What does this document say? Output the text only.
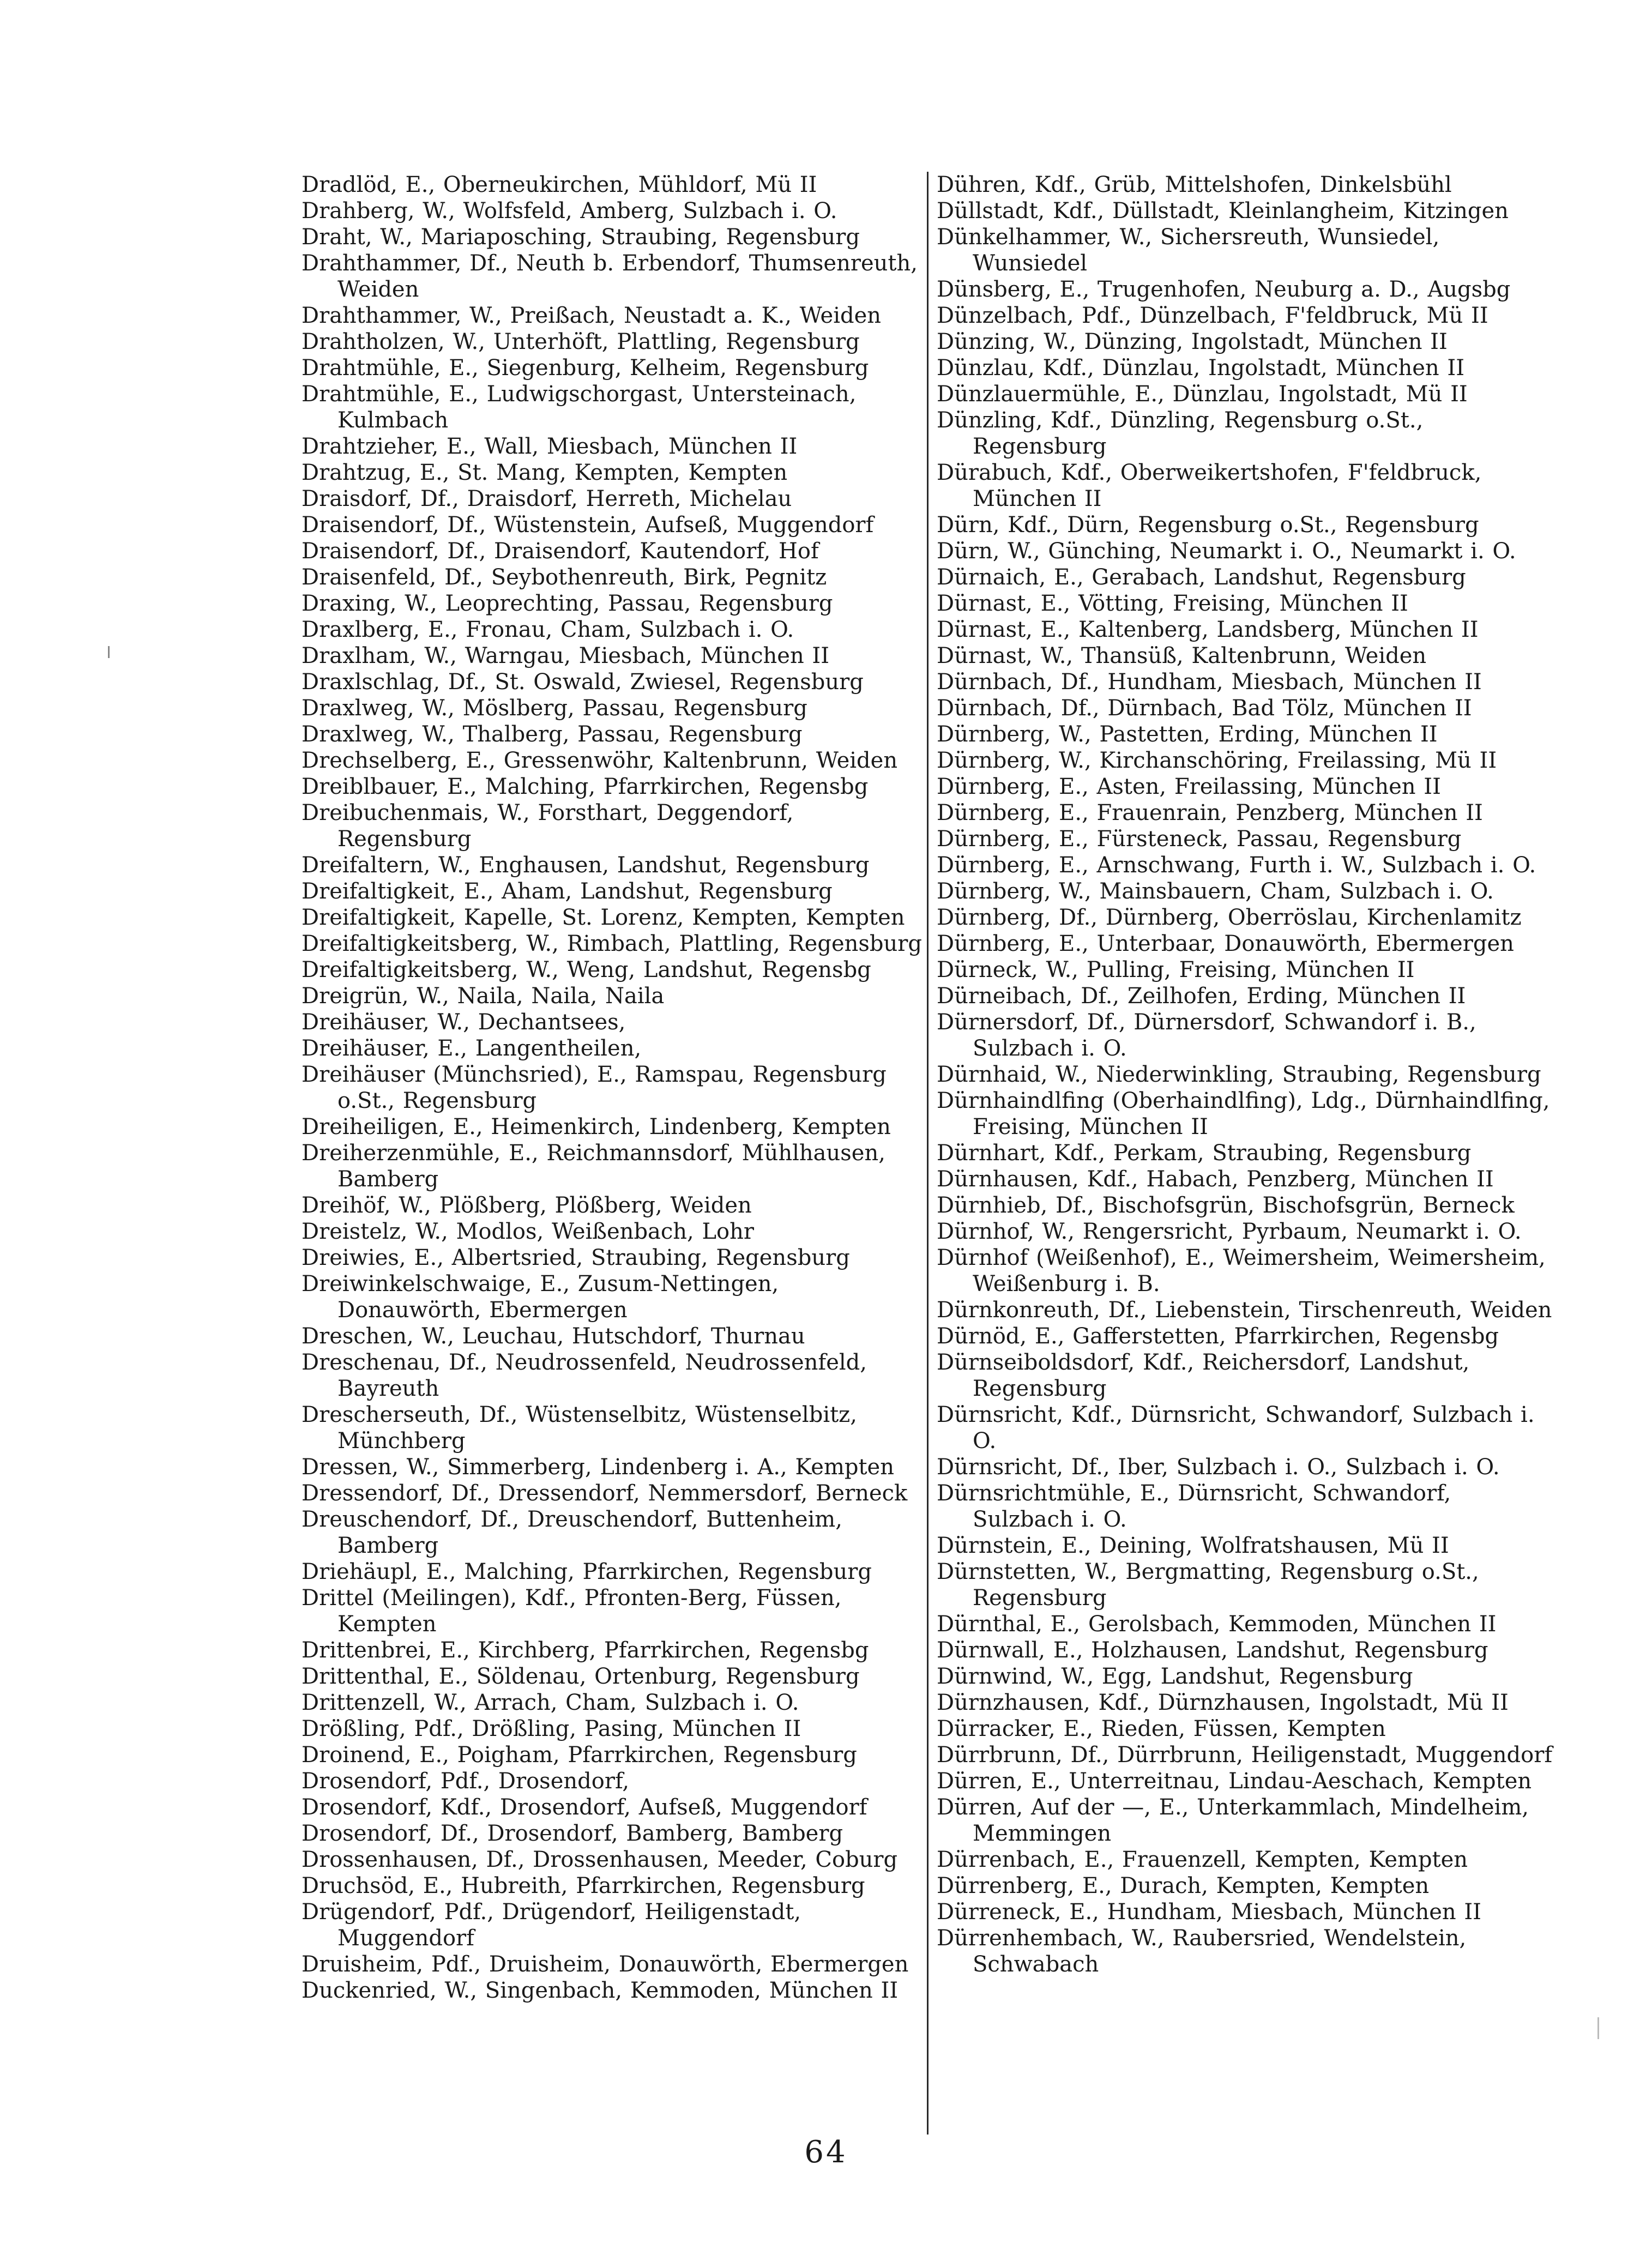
Dradlöd, E., Oberneukirchen, Mühldorf, Mü II
Drahberg, W., Wolfsfeld, Amberg, Sulzbach i. O.
Draht, W., Mariaposching, Straubing, Regensburg
Drahthammer, Df., Neuth b. Erbendorf, Thumsenreuth, Weiden
Drahthammer, W., Preißach, Neustadt a. K., Weiden
Drahtholzen, W., Unterhöft, Plattling, Regensburg
Drahtmühle, E., Siegenburg, Kelheim, Regensburg
Drahtmühle, E., Ludwigschorgast, Untersteinach, Kulmbach
Drahtzieher, E., Wall, Miesbach, München II
Drahtzug, E., St. Mang, Kempten, Kempten
Draisdorf, Df., Draisdorf, Herreth, Michelau
Draisendorf, Df., Wüstenstein, Aufseß, Muggendorf
Draisendorf, Df., Draisendorf, Kautendorf, Hof
Draisenfeld, Df., Seybothenreuth, Birk, Pegnitz
Draxing, W., Leoprechting, Passau, Regensburg
Draxlberg, E., Fronau, Cham, Sulzbach i. O.
Draxlham, W., Warngau, Miesbach, München II
Draxlschlag, Df., St. Oswald, Zwiesel, Regensburg
Draxlweg, W., Möslberg, Passau, Regensburg
Draxlweg, W., Thalberg, Passau, Regensburg
Drechselberg, E., Gressenwöhr, Kaltenbrunn, Weiden
Dreiblbauer, E., Malching, Pfarrkirchen, Regensbg
Dreibuchenmais, W., Forsthart, Deggendorf, Regensburg
Dreifaltern, W., Enghausen, Landshut, Regensburg
Dreifaltigkeit, E., Aham, Landshut, Regensburg
Dreifaltigkeit, Kapelle, St. Lorenz, Kempten, Kempten
Dreifaltigkeitsberg, W., Rimbach, Plattling, Regensburg
Dreifaltigkeitsberg, W., Weng, Landshut, Regensbg
Dreigrün, W., Naila, Naila, Naila
Dreihäuser, W., Dechantsees,
Dreihäuser, E., Langentheilen,
Dreihäuser (Münchsried), E., Ramspau, Regensburg o.St., Regensburg
Dreiheiligen, E., Heimenkirch, Lindenberg, Kempten
Dreiherzenmühle, E., Reichmannsdorf, Mühlhausen, Bamberg
Dreihöf, W., Plößberg, Plößberg, Weiden
Dreistelz, W., Modlos, Weißenbach, Lohr
Dreiwies, E., Albertsried, Straubing, Regensburg
Dreiwinkelschwaige, E., Zusum-Nettingen, Donauwörth, Ebermergen
Dreschen, W., Leuchau, Hutschdorf, Thurnau
Dreschenau, Df., Neudrossenfeld, Neudrossenfeld, Bayreuth
Drescherseuth, Df., Wüstenselbitz, Wüstenselbitz, Münchberg
Dressen, W., Simmerberg, Lindenberg i. A., Kempten
Dressendorf, Df., Dressendorf, Nemmersdorf, Berneck
Dreuschendorf, Df., Dreuschendorf, Buttenheim, Bamberg
Driehäupl, E., Malching, Pfarrkirchen, Regensburg
Drittel (Meilingen), Kdf., Pfronten-Berg, Füssen, Kempten
Drittenbrei, E., Kirchberg, Pfarrkirchen, Regensbg
Drittenthal, E., Söldenau, Ortenburg, Regensburg
Drittenzell, W., Arrach, Cham, Sulzbach i. O.
Drößling, Pdf., Drößling, Pasing, München II
Droinend, E., Poigham, Pfarrkirchen, Regensburg
Drosendorf, Pdf., Drosendorf,
Drosendorf, Kdf., Drosendorf, Aufseß, Muggendorf
Drosendorf, Df., Drosendorf, Bamberg, Bamberg
Drossenhausen, Df., Drossenhausen, Meeder, Coburg
Druchsöd, E., Hubreith, Pfarrkirchen, Regensburg
Drügendorf, Pdf., Drügendorf, Heiligenstadt, Muggendorf
Druisheim, Pdf., Druisheim, Donauwörth, Ebermergen
Duckenried, W., Singenbach, Kemmoden, München II
Dühren, Kdf., Grüb, Mittelshofen, Dinkelsbühl
Düllstadt, Kdf., Düllstadt, Kleinlangheim, Kitzingen
Dünkelhammer, W., Sichersreuth, Wunsiedel, Wunsiedel
Dünsberg, E., Trugenhofen, Neuburg a. D., Augsbg
Dünzelbach, Pdf., Dünzelbach, F'feldbruck, Mü II
Dünzing, W., Dünzing, Ingolstadt, München II
Dünzlau, Kdf., Dünzlau, Ingolstadt, München II
Dünzlauermühle, E., Dünzlau, Ingolstadt, Mü II
Dünzling, Kdf., Dünzling, Regensburg o.St., Regensburg
Dürabuch, Kdf., Oberweikertshofen, F'feldbruck, München II
Dürn, Kdf., Dürn, Regensburg o.St., Regensburg
Dürn, W., Günching, Neumarkt i. O., Neumarkt i. O.
Dürnaich, E., Gerabach, Landshut, Regensburg
Dürnast, E., Vötting, Freising, München II
Dürnast, E., Kaltenberg, Landsberg, München II
Dürnast, W., Thansüß, Kaltenbrunn, Weiden
Dürnbach, Df., Hundham, Miesbach, München II
Dürnbach, Df., Dürnbach, Bad Tölz, München II
Dürnberg, W., Pastetten, Erding, München II
Dürnberg, W., Kirchanschöring, Freilassing, Mü II
Dürnberg, E., Asten, Freilassing, München II
Dürnberg, E., Frauenrain, Penzberg, München II
Dürnberg, E., Fürsteneck, Passau, Regensburg
Dürnberg, E., Arnschwang, Furth i. W., Sulzbach i. O.
Dürnberg, W., Mainsbauern, Cham, Sulzbach i. O.
Dürnberg, Df., Dürnberg, Oberröslau, Kirchenlamitz
Dürnberg, E., Unterbaar, Donauwörth, Ebermergen
Dürneck, W., Pulling, Freising, München II
Dürneibach, Df., Zeilhofen, Erding, München II
Dürnersdorf, Df., Dürnersdorf, Schwandorf i. B., Sulzbach i. O.
Dürnhaid, W., Niederwinkling, Straubing, Regensburg
Dürnhaindlfing (Oberhaindlfing), Ldg., Dürnhaindlfing, Freising, München II
Dürnhart, Kdf., Perkam, Straubing, Regensburg
Dürnhausen, Kdf., Habach, Penzberg, München II
Dürnhieb, Df., Bischofsgrün, Bischofsgrün, Berneck
Dürnhof, W., Rengersricht, Pyrbaum, Neumarkt i. O.
Dürnhof (Weißenhof), E., Weimersheim, Weimersheim, Weißenburg i. B.
Dürnkonreuth, Df., Liebenstein, Tirschenreuth, Weiden
Dürnöd, E., Gafferstetten, Pfarrkirchen, Regensbg
Dürnseiboldsdorf, Kdf., Reichersdorf, Landshut, Regensburg
Dürnsricht, Kdf., Dürnsricht, Schwandorf, Sulzbach i. O.
Dürnsricht, Df., Iber, Sulzbach i. O., Sulzbach i. O.
Dürnsrichtmühle, E., Dürnsricht, Schwandorf, Sulzbach i. O.
Dürnstein, E., Deining, Wolfratshausen, Mü II
Dürnstetten, W., Bergmatting, Regensburg o.St., Regensburg
Dürnthal, E., Gerolsbach, Kemmoden, München II
Dürnwall, E., Holzhausen, Landshut, Regensburg
Dürnwind, W., Egg, Landshut, Regensburg
Dürnzhausen, Kdf., Dürnzhausen, Ingolstadt, Mü II
Dürracker, E., Rieden, Füssen, Kempten
Dürrbrunn, Df., Dürrbrunn, Heiligenstadt, Muggendorf
Dürren, E., Unterreitnau, Lindau-Aeschach, Kempten
Dürren, Auf der —, E., Unterkammlach, Mindelheim, Memmingen
Dürrenbach, E., Frauenzell, Kempten, Kempten
Dürrenberg, E., Durach, Kempten, Kempten
Dürreneck, E., Hundham, Miesbach, München II
Dürrenhembach, W., Raubersried, Wendelstein, Schwabach
64
